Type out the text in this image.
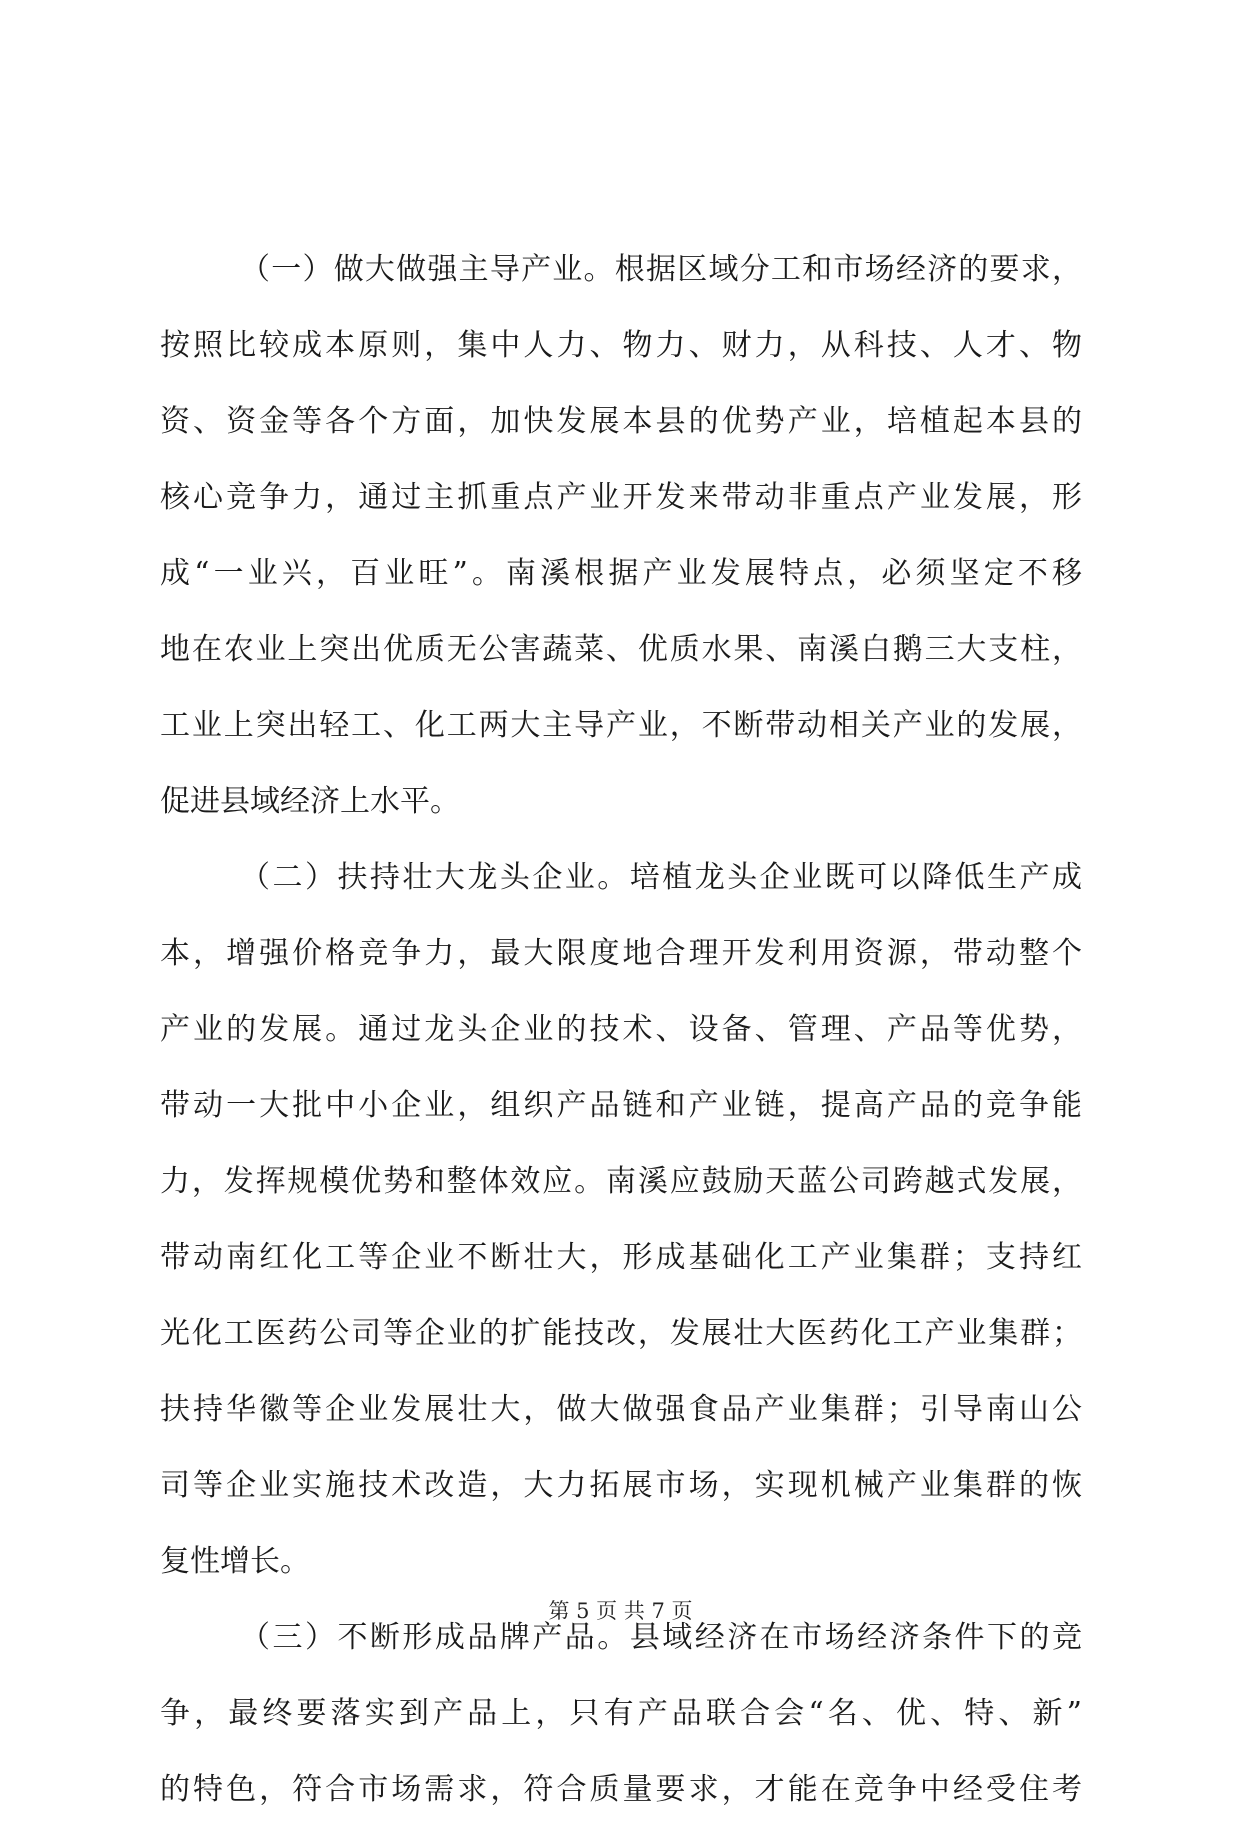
（一）做大做强主导产业。根据区域分工和市场经济的要求，
按照比较成本原则，集中人力、物力、财力，从科技、人才、物
资、资金等各个方面，加快发展本县的优势产业，培植起本县的
核心竞争力，通过主抓重点产业开发来带动非重点产业发展，形
成“一业兴，百业旺”。南溪根据产业发展特点，必须坚定不移
地在农业上突出优质无公害蔬菜、优质水果、南溪白鹅三大支柱，
工业上突出轻工、化工两大主导产业，不断带动相关产业的发展，
促进县域经济上水平。
（二）扶持壮大龙头企业。培植龙头企业既可以降低生产成
本，增强价格竞争力，最大限度地合理开发利用资源，带动整个
产业的发展。通过龙头企业的技术、设备、管理、产品等优势，
带动一大批中小企业，组织产品链和产业链，提高产品的竞争能
力，发挥规模优势和整体效应。南溪应鼓励天蓝公司跨越式发展，
带动南红化工等企业不断壮大，形成基础化工产业集群；支持红
光化工医药公司等企业的扩能技改，发展壮大医药化工产业集群；
扶持华徽等企业发展壮大，做大做强食品产业集群；引导南山公
司等企业实施技术改造，大力拓展市场，实现机械产业集群的恢
复性增长。
（三）不断形成品牌产品。县域经济在市场经济条件下的竞
争，最终要落实到产品上，只有产品联合会“名、优、特、新”
的特色，符合市场需求，符合质量要求，才能在竞争中经受住考
第 5 页 共 7 页
